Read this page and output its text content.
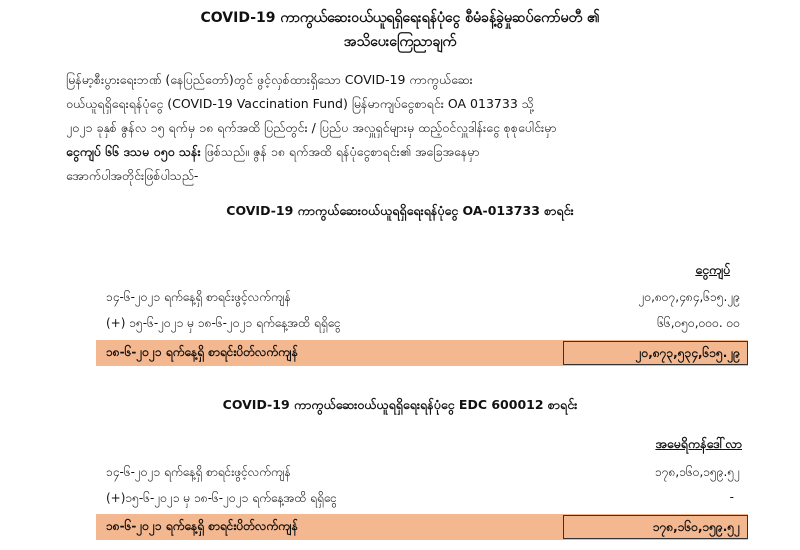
COVID-19 ကာကွယ်ဆေးဝယ်ယူရရှိရေးရန်ပုံငွေ စီမံခန့်ခွဲမှုဆပ်ကော်မတီ ၏
အသိပေးကြေညာချက်
မြန်မာ့စီးပွားရေးဘဏ် (နေပြည်တော်)တွင် ဖွင့်လှစ်ထားရှိသော COVID-19 ကာကွယ်ဆေး
ဝယ်ယူရရှိရေးရန်ပုံငွေ (COVID-19 Vaccination Fund) မြန်မာကျပ်ငွေစာရင်း OA 013733 သို့
၂၀၂၁ ခုနှစ် ဇွန်လ ၁၅ ရက်မှ ၁၈ ရက်အထိ ပြည်တွင်း / ပြည်ပ အလှူရှင်များမှ ထည့်ဝင်လှူဒါန်းငွေ စုစုပေါင်းမှာ
ငွေကျပ် ၆၆ ဒသမ ၀၅၀ သန်း ဖြစ်သည်။ ဇွန် ၁၈ ရက်အထိ ရန်ပုံငွေစာရင်း၏ အခြေအနေမှာ
အောက်ပါအတိုင်းဖြစ်ပါသည်-
COVID-19 ကာကွယ်ဆေးဝယ်ယူရရှိရေးရန်ပုံငွေ OA-013733 စာရင်း
ငွေကျပ်
၁၄-၆-၂၀၂၁ ရက်နေ့ရှိ စာရင်းဖွင့်လက်ကျန်	၂၀,၈၀၇,၄၈၄,၆၁၅.၂၉
(+) ၁၅-၆-၂၀၂၁ မှ ၁၈-၆-၂၀၂၁ ရက်နေ့အထိ ရရှိငွေ	၆၆,၀၅၀,၀၀၀. ၀၀
၁၈-၆-၂၀၂၁ ရက်နေ့ရှိ စာရင်းပိတ်လက်ကျန်	၂၀,၈၇၃,၅၃၄,၆၁၅.၂၉
COVID-19 ကာကွယ်ဆေးဝယ်ယူရရှိရေးရန်ပုံငွေ EDC 600012 စာရင်း
အမေရိကန်ဒေါ်လာ
၁၄-၆-၂၀၂၁ ရက်နေ့ရှိ စာရင်းဖွင့်လက်ကျန်	၁၇၈,၁၆၀,၁၅၉.၅၂
(+)၁၅-၆-၂၀၂၁ မှ ၁၈-၆-၂၀၂၁ ရက်နေ့အထိ ရရှိငွေ	-
၁၈-၆-၂၀၂၁ ရက်နေ့ရှိ စာရင်းပိတ်လက်ကျန်	၁၇၈,၁၆၀,၁၅၉.၅၂
